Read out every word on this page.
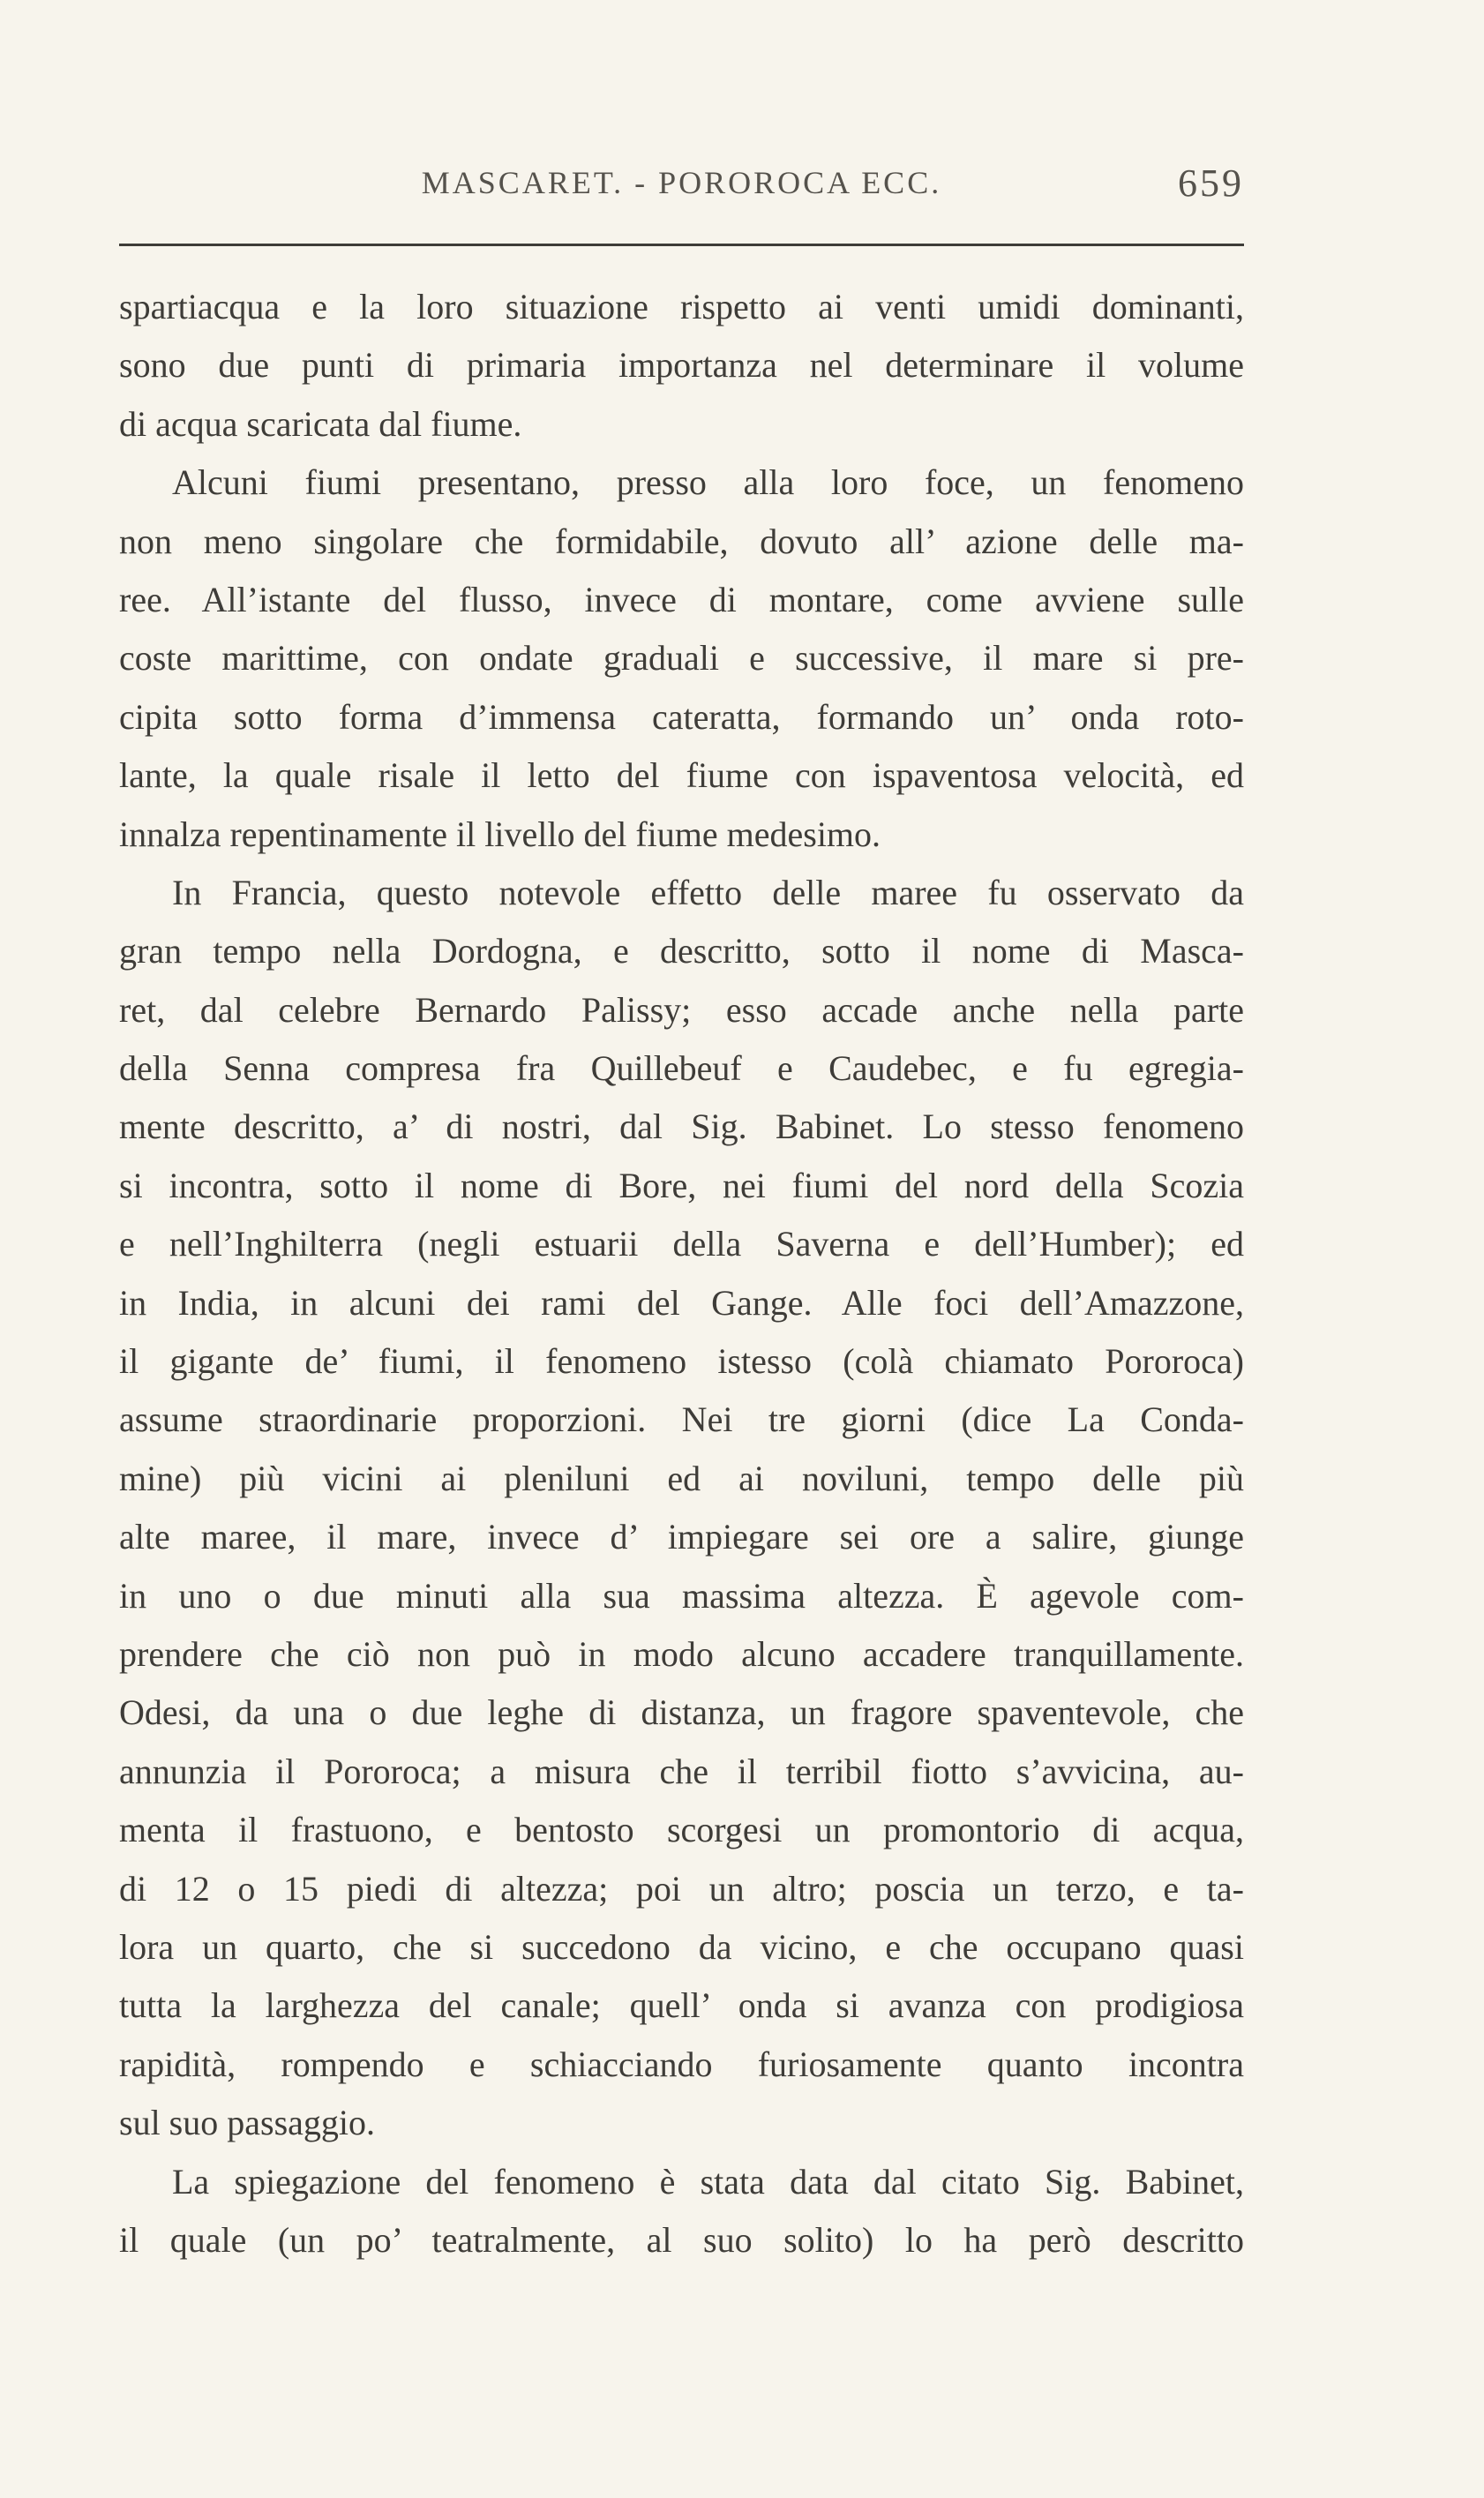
MASCARET. - POROROCA ECC.	659
spartiacqua e la loro situazione rispetto ai venti umidi dominanti,
sono due punti di primaria importanza nel determinare il volume
di acqua scaricata dal fiume.
Alcuni fiumi presentano, presso alla loro foce, un fenomeno
non meno singolare che formidabile, dovuto all’ azione delle ma-
ree. All’istante del flusso, invece di montare, come avviene sulle
coste marittime, con ondate graduali e successive, il mare si pre-
cipita sotto forma d’immensa cateratta, formando un’ onda roto-
lante, la quale risale il letto del fiume con ispaventosa velocità, ed
innalza repentinamente il livello del fiume medesimo.
In Francia, questo notevole effetto delle maree fu osservato da
gran tempo nella Dordogna, e descritto, sotto il nome di Masca-
ret, dal celebre Bernardo Palissy; esso accade anche nella parte
della Senna compresa fra Quillebeuf e Caudebec, e fu egregia-
mente descritto, a’ di nostri, dal Sig. Babinet. Lo stesso fenomeno
si incontra, sotto il nome di Bore, nei fiumi del nord della Scozia
e nell’Inghilterra (negli estuarii della Saverna e dell’Humber); ed
in India, in alcuni dei rami del Gange. Alle foci dell’Amazzone,
il gigante de’ fiumi, il fenomeno istesso (colà chiamato Pororoca)
assume straordinarie proporzioni. Nei tre giorni (dice La Conda-
mine) più vicini ai pleniluni ed ai noviluni, tempo delle più
alte maree, il mare, invece d’ impiegare sei ore a salire, giunge
in uno o due minuti alla sua massima altezza. È agevole com-
prendere che ciò non può in modo alcuno accadere tranquillamente.
Odesi, da una o due leghe di distanza, un fragore spaventevole, che
annunzia il Pororoca; a misura che il terribil fiotto s’avvicina, au-
menta il frastuono, e bentosto scorgesi un promontorio di acqua,
di 12 o 15 piedi di altezza; poi un altro; poscia un terzo, e ta-
lora un quarto, che si succedono da vicino, e che occupano quasi
tutta la larghezza del canale; quell’ onda si avanza con prodigiosa
rapidità, rompendo e schiacciando furiosamente quanto incontra
sul suo passaggio.
La spiegazione del fenomeno è stata data dal citato Sig. Babinet,
il quale (un po’ teatralmente, al suo solito) lo ha però descritto
